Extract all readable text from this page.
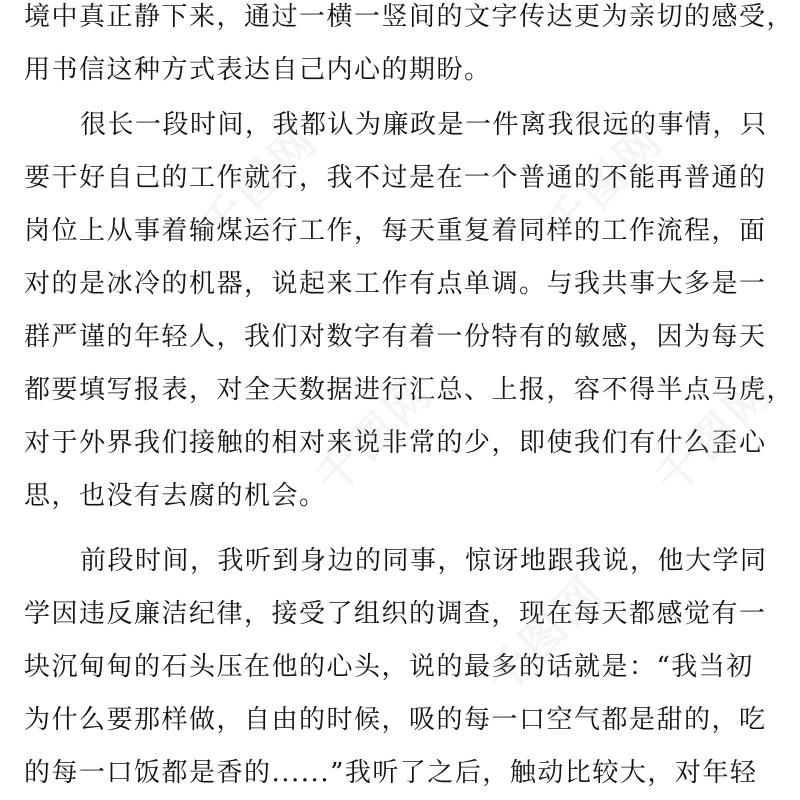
境中真正静下来，通过一横一竖间的文字传达更为亲切的感受，

用书信这种方式表达自己内心的期盼。

很长一段时间，我都认为廉政是一件离我很远的事情，只

要干好自己的工作就行，我不过是在一个普通的不能再普通的

岗位上从事着输煤运行工作，每天重复着同样的工作流程，面

对的是冰冷的机器，说起来工作有点单调。与我共事大多是一

群严谨的年轻人，我们对数字有着一份特有的敏感，因为每天

都要填写报表，对全天数据进行汇总、上报，容不得半点马虎，

对于外界我们接触的相对来说非常的少，即使我们有什么歪心

思，也没有去腐的机会。

前段时间，我听到身边的同事，惊讶地跟我说，他大学同

学因违反廉洁纪律，接受了组织的调查，现在每天都感觉有一

块沉甸甸的石头压在他的心头，说的最多的话就是：“我当初

为什么要那样做，自由的时候，吸的每一口空气都是甜的，吃

的每一口饭都是香的......”我听了之后，触动比较大，对年轻

千图网	千图网
千图网	千图网
千图网
